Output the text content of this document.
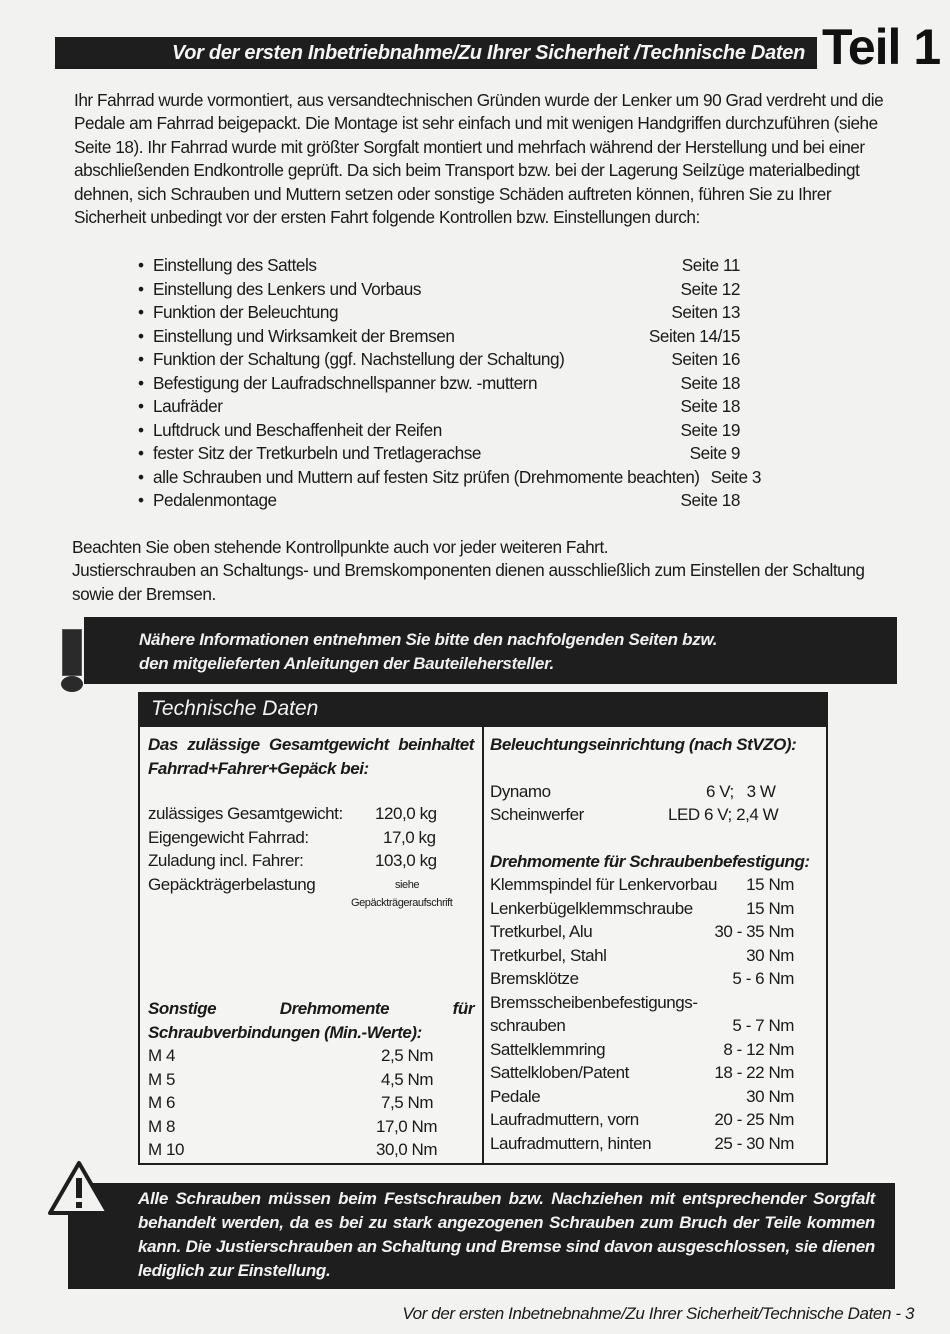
Vor der ersten Inbetriebnahme/Zu Ihrer Sicherheit /Technische Daten Teil 1

Ihr Fahrrad wurde vormontiert, aus versandtechnischen Gründen wurde der Lenker um 90 Grad verdreht und die Pedale am Fahrrad beigepackt. Die Montage ist sehr einfach und mit wenigen Handgriffen durchzuführen (siehe Seite 18). Ihr Fahrrad wurde mit größter Sorgfalt montiert und mehrfach während der Herstellung und bei einer abschließenden Endkontrolle geprüft. Da sich beim Transport bzw. bei der Lagerung Seilzüge materialbedingt dehnen, sich Schrauben und Muttern setzen oder sonstige Schäden auftreten können, führen Sie zu Ihrer Sicherheit unbedingt vor der ersten Fahrt folgende Kontrollen bzw. Einstellungen durch:

• Einstellung des Sattels	Seite 11
• Einstellung des Lenkers und Vorbaus	Seite 12
• Funktion der Beleuchtung	Seiten 13
• Einstellung und Wirksamkeit der Bremsen	Seiten 14/15
• Funktion der Schaltung (ggf. Nachstellung der Schaltung)	Seiten 16
• Befestigung der Laufradschnellspanner bzw. -muttern	Seite 18
• Laufräder	Seite 18
• Luftdruck und Beschaffenheit der Reifen	Seite 19
• fester Sitz der Tretkurbeln und Tretlagerachse	Seite 9
• alle Schrauben und Muttern auf festen Sitz prüfen (Drehmomente beachten) Seite 3
• Pedalenmontage	Seite 18
Beachten Sie oben stehende Kontrollpunkte auch vor jeder weiteren Fahrt.
Justierschrauben an Schaltungs- und Bremskomponenten dienen ausschließlich zum Einstellen der Schaltung sowie der Bremsen.
Nähere Informationen entnehmen Sie bitte den nachfolgenden Seiten bzw.
den mitgelieferten Anleitungen der Bauteilehersteller.
Technische Daten
Das zulässige Gesamtgewicht beinhaltet Fahrrad+Fahrer+Gepäck bei:
zulässiges Gesamtgewicht: 120,0 kg
Eigengewicht Fahrrad:	17,0 kg
Zuladung incl. Fahrer:	103,0 kg
Gepäckträgerbelastung	siehe
Gepäckträgeraufschrift
Sonstige Drehmomente für Schraubverbindungen (Min.-Werte):
M 4	2,5 Nm
M 5	4,5 Nm
M 6	7,5 Nm
M 8	17,0 Nm
M 10	30,0 Nm
Beleuchtungseinrichtung (nach StVZO):
Dynamo	6 V;   3 W
Scheinwerfer	LED 6 V; 2,4 W
Drehmomente für Schraubenbefestigung:
Klemmspindel für Lenkervorbau 15 Nm
Lenkerbügelklemmschraube	15 Nm
Tretkurbel, Alu	30 - 35 Nm
Tretkurbel, Stahl	30 Nm
Bremsklötze	5 - 6 Nm
Bremsscheibenbefestigungs-
schrauben	5 - 7 Nm
Sattelklemmring	8 - 12 Nm
Sattelkloben/Patent	18 - 22 Nm
Pedale	30 Nm
Laufradmuttern, vorn	20 - 25 Nm
Laufradmuttern, hinten	25 - 30 Nm
Alle Schrauben müssen beim Festschrauben bzw. Nachziehen mit entsprechender Sorgfalt behandelt werden, da es bei zu stark angezogenen Schrauben zum Bruch der Teile kommen kann. Die Justierschrauben an Schaltung und Bremse sind davon ausgeschlossen, sie dienen lediglich zur Einstellung.
Vor der ersten Inbetnebnahme/Zu Ihrer Sicherheit/Technische Daten - 3
